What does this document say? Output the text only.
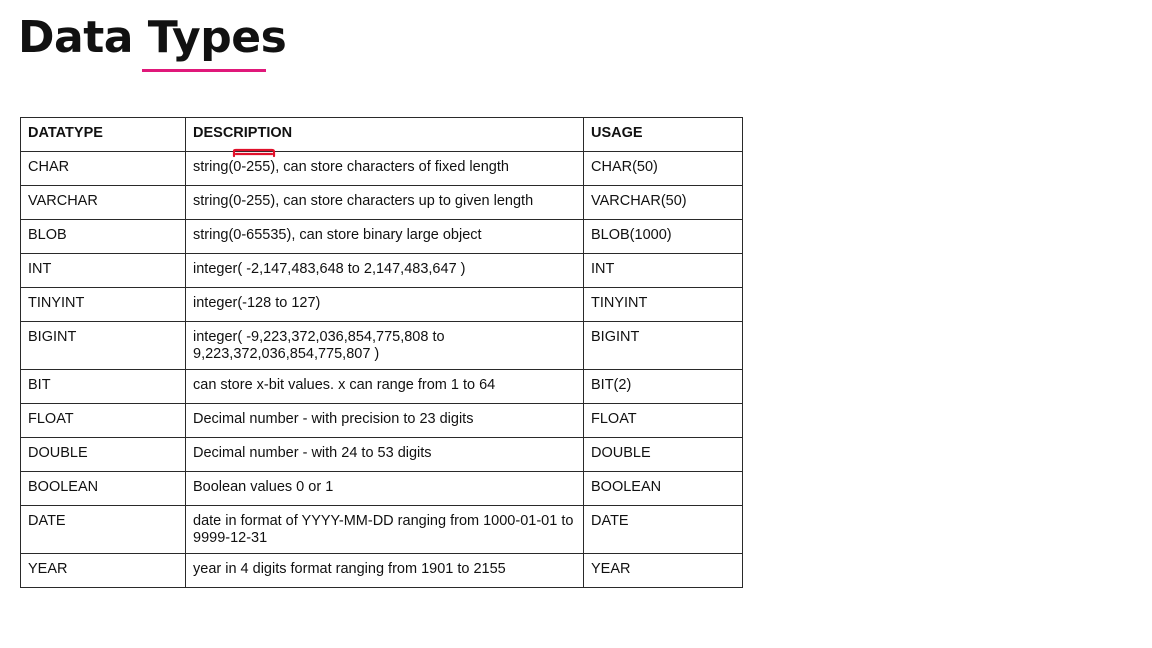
Data Types
DATATYPE	DESCRIPTION	USAGE
CHAR	string(0-255), can store characters of fixed length	CHAR(50)
VARCHAR	string(0-255), can store characters up to given length	VARCHAR(50)
BLOB	string(0-65535), can store binary large object	BLOB(1000)
INT	integer( -2,147,483,648 to 2,147,483,647 )	INT
TINYINT	integer(-128 to 127)	TINYINT
BIGINT	integer( -9,223,372,036,854,775,808 to 9,223,372,036,854,775,807 )	BIGINT
BIT	can store x-bit values. x can range from 1 to 64	BIT(2)
FLOAT	Decimal number - with precision to 23 digits	FLOAT
DOUBLE	Decimal number - with 24 to 53 digits	DOUBLE
BOOLEAN	Boolean values 0 or 1	BOOLEAN
DATE	date in format of YYYY-MM-DD ranging from 1000-01-01 to 9999-12-31	DATE
YEAR	year in 4 digits format ranging from 1901 to 2155	YEAR
